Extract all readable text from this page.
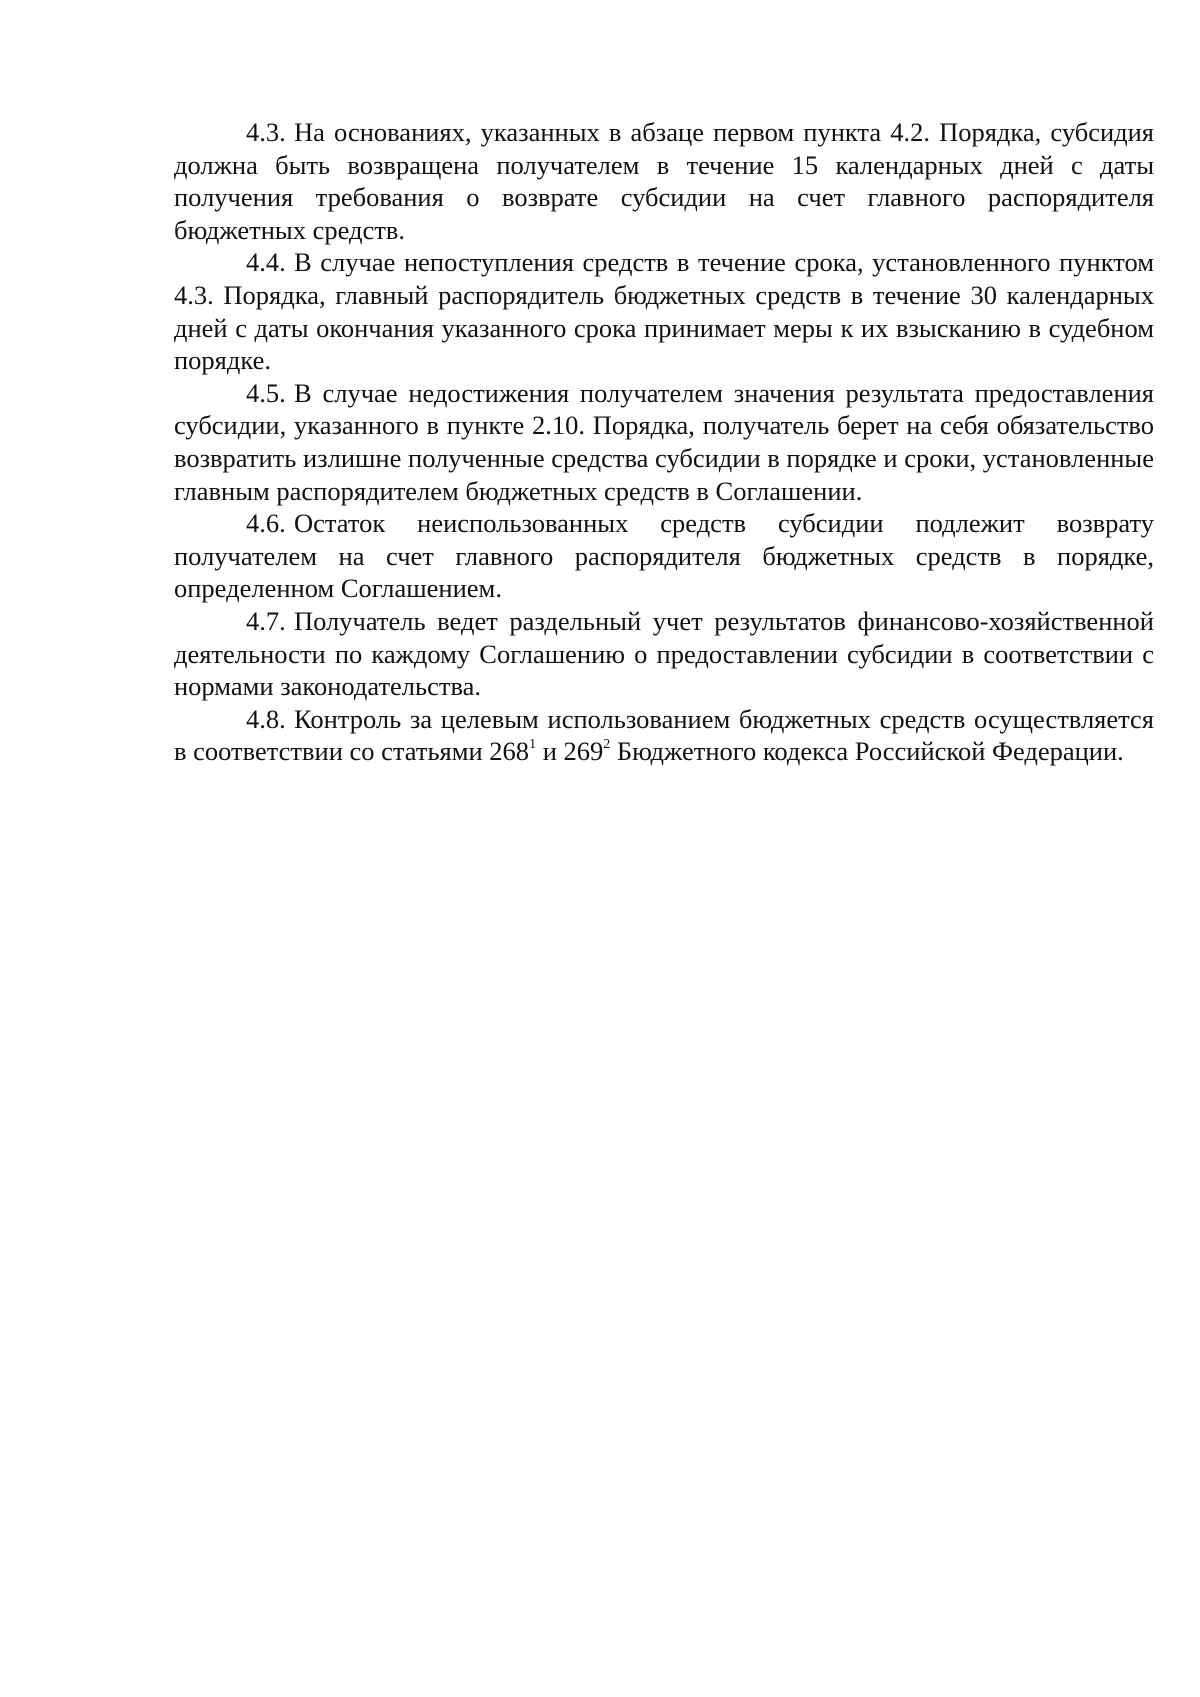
4.3. На основаниях, указанных в абзаце первом пункта 4.2. Порядка, субсидия должна быть возвращена получателем в течение 15 календарных дней с даты получения требования о возврате субсидии на счет главного распорядителя бюджетных средств.

4.4. В случае непоступления средств в течение срока, установленного пунктом 4.3. Порядка, главный распорядитель бюджетных средств в течение 30 календарных дней с даты окончания указанного срока принимает меры к их взысканию в судебном порядке.

4.5. В случае недостижения получателем значения результата предоставления субсидии, указанного в пункте 2.10. Порядка, получатель берет на себя обязательство возвратить излишне полученные средства субсидии в порядке и сроки, установленные главным распорядителем бюджетных средств в Соглашении.

4.6. Остаток неиспользованных средств субсидии подлежит возврату получателем на счет главного распорядителя бюджетных средств в порядке, определенном Соглашением.

4.7. Получатель ведет раздельный учет результатов финансово-хозяйственной деятельности по каждому Соглашению о предоставлении субсидии в соответствии с нормами законодательства.

4.8. Контроль за целевым использованием бюджетных средств осуществляется в соответствии со статьями $268^1$ и $269^2$ Бюджетного кодекса Российской Федерации.
